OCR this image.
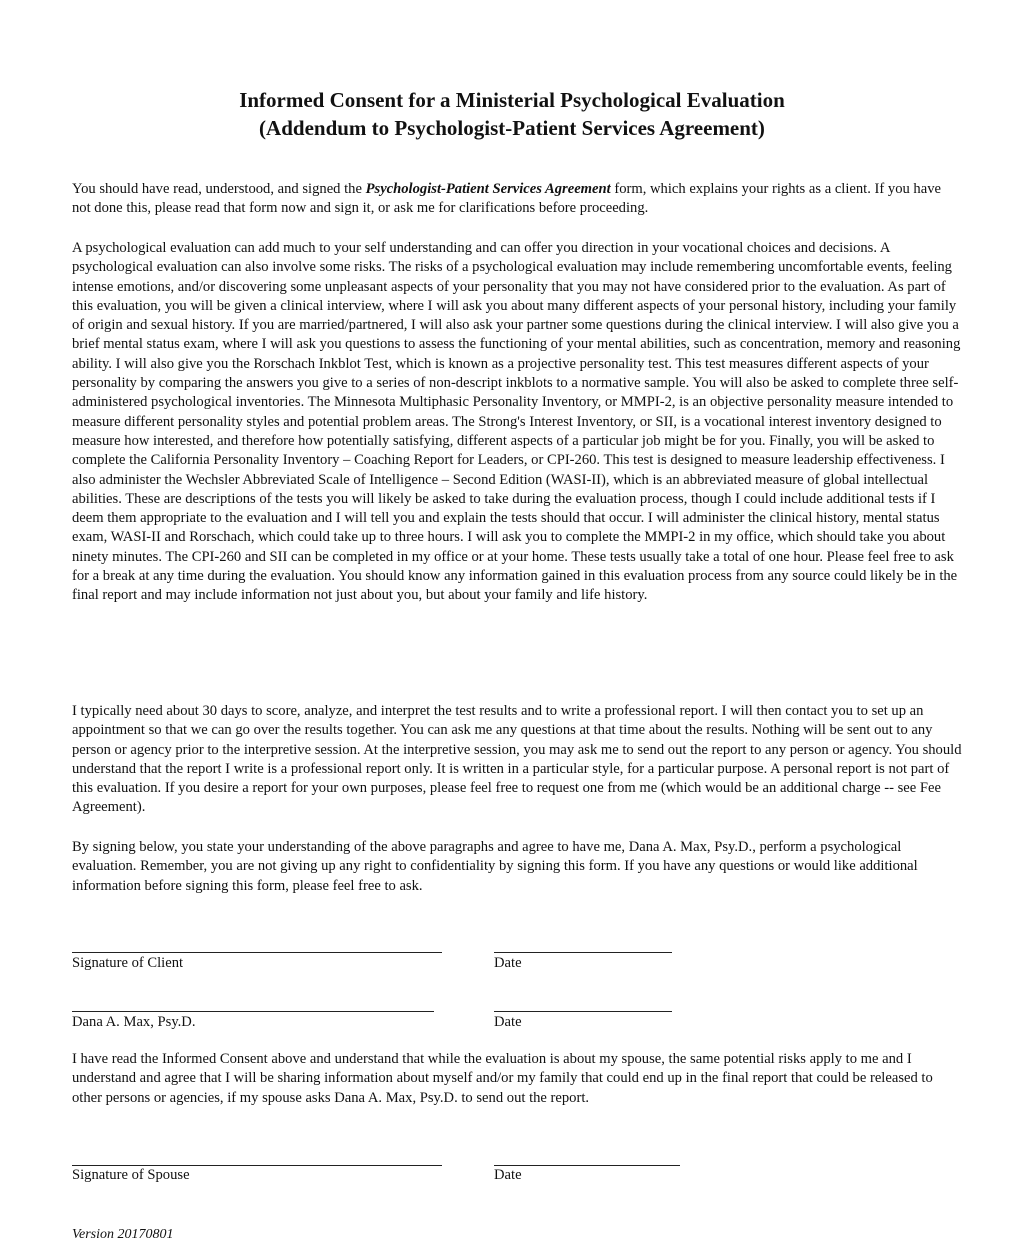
Informed Consent for a Ministerial Psychological Evaluation
(Addendum to Psychologist-Patient Services Agreement)

You should have read, understood, and signed the Psychologist-Patient Services Agreement form, which explains your rights as a client. If you have not done this, please read that form now and sign it, or ask me for clarifications before proceeding.

A psychological evaluation can add much to your self understanding and can offer you direction in your vocational choices and decisions. A psychological evaluation can also involve some risks. The risks of a psychological evaluation may include remembering uncomfortable events, feeling intense emotions, and/or discovering some unpleasant aspects of your personality that you may not have considered prior to the evaluation. As part of this evaluation, you will be given a clinical interview, where I will ask you about many different aspects of your personal history, including your family of origin and sexual history. If you are married/partnered, I will also ask your partner some questions during the clinical interview. I will also give you a brief mental status exam, where I will ask you questions to assess the functioning of your mental abilities, such as concentration, memory and reasoning ability. I will also give you the Rorschach Inkblot Test, which is known as a projective personality test. This test measures different aspects of your personality by comparing the answers you give to a series of non-descript inkblots to a normative sample. You will also be asked to complete three self-administered psychological inventories. The Minnesota Multiphasic Personality Inventory, or MMPI-2, is an objective personality measure intended to measure different personality styles and potential problem areas. The Strong's Interest Inventory, or SII, is a vocational interest inventory designed to measure how interested, and therefore how potentially satisfying, different aspects of a particular job might be for you. Finally, you will be asked to complete the California Personality Inventory – Coaching Report for Leaders, or CPI-260. This test is designed to measure leadership effectiveness. I also administer the Wechsler Abbreviated Scale of Intelligence – Second Edition (WASI-II), which is an abbreviated measure of global intellectual abilities. These are descriptions of the tests you will likely be asked to take during the evaluation process, though I could include additional tests if I deem them appropriate to the evaluation and I will tell you and explain the tests should that occur. I will administer the clinical history, mental status exam, WASI-II and Rorschach, which could take up to three hours. I will ask you to complete the MMPI-2 in my office, which should take you about ninety minutes. The CPI-260 and SII can be completed in my office or at your home. These tests usually take a total of one hour. Please feel free to ask for a break at any time during the evaluation. You should know any information gained in this evaluation process from any source could likely be in the final report and may include information not just about you, but about your family and life history.

I typically need about 30 days to score, analyze, and interpret the test results and to write a professional report. I will then contact you to set up an appointment so that we can go over the results together. You can ask me any questions at that time about the results. Nothing will be sent out to any person or agency prior to the interpretive session. At the interpretive session, you may ask me to send out the report to any person or agency. You should understand that the report I write is a professional report only. It is written in a particular style, for a particular purpose. A personal report is not part of this evaluation. If you desire a report for your own purposes, please feel free to request one from me (which would be an additional charge -- see Fee Agreement).

By signing below, you state your understanding of the above paragraphs and agree to have me, Dana A. Max, Psy.D., perform a psychological evaluation. Remember, you are not giving up any right to confidentiality by signing this form. If you have any questions or would like additional information before signing this form, please feel free to ask.

Signature of Client	Date
Dana A. Max, Psy.D.	Date

I have read the Informed Consent above and understand that while the evaluation is about my spouse, the same potential risks apply to me and I understand and agree that I will be sharing information about myself and/or my family that could end up in the final report that could be released to other persons or agencies, if my spouse asks Dana A. Max, Psy.D. to send out the report.

Signature of Spouse	Date
Version 20170801
